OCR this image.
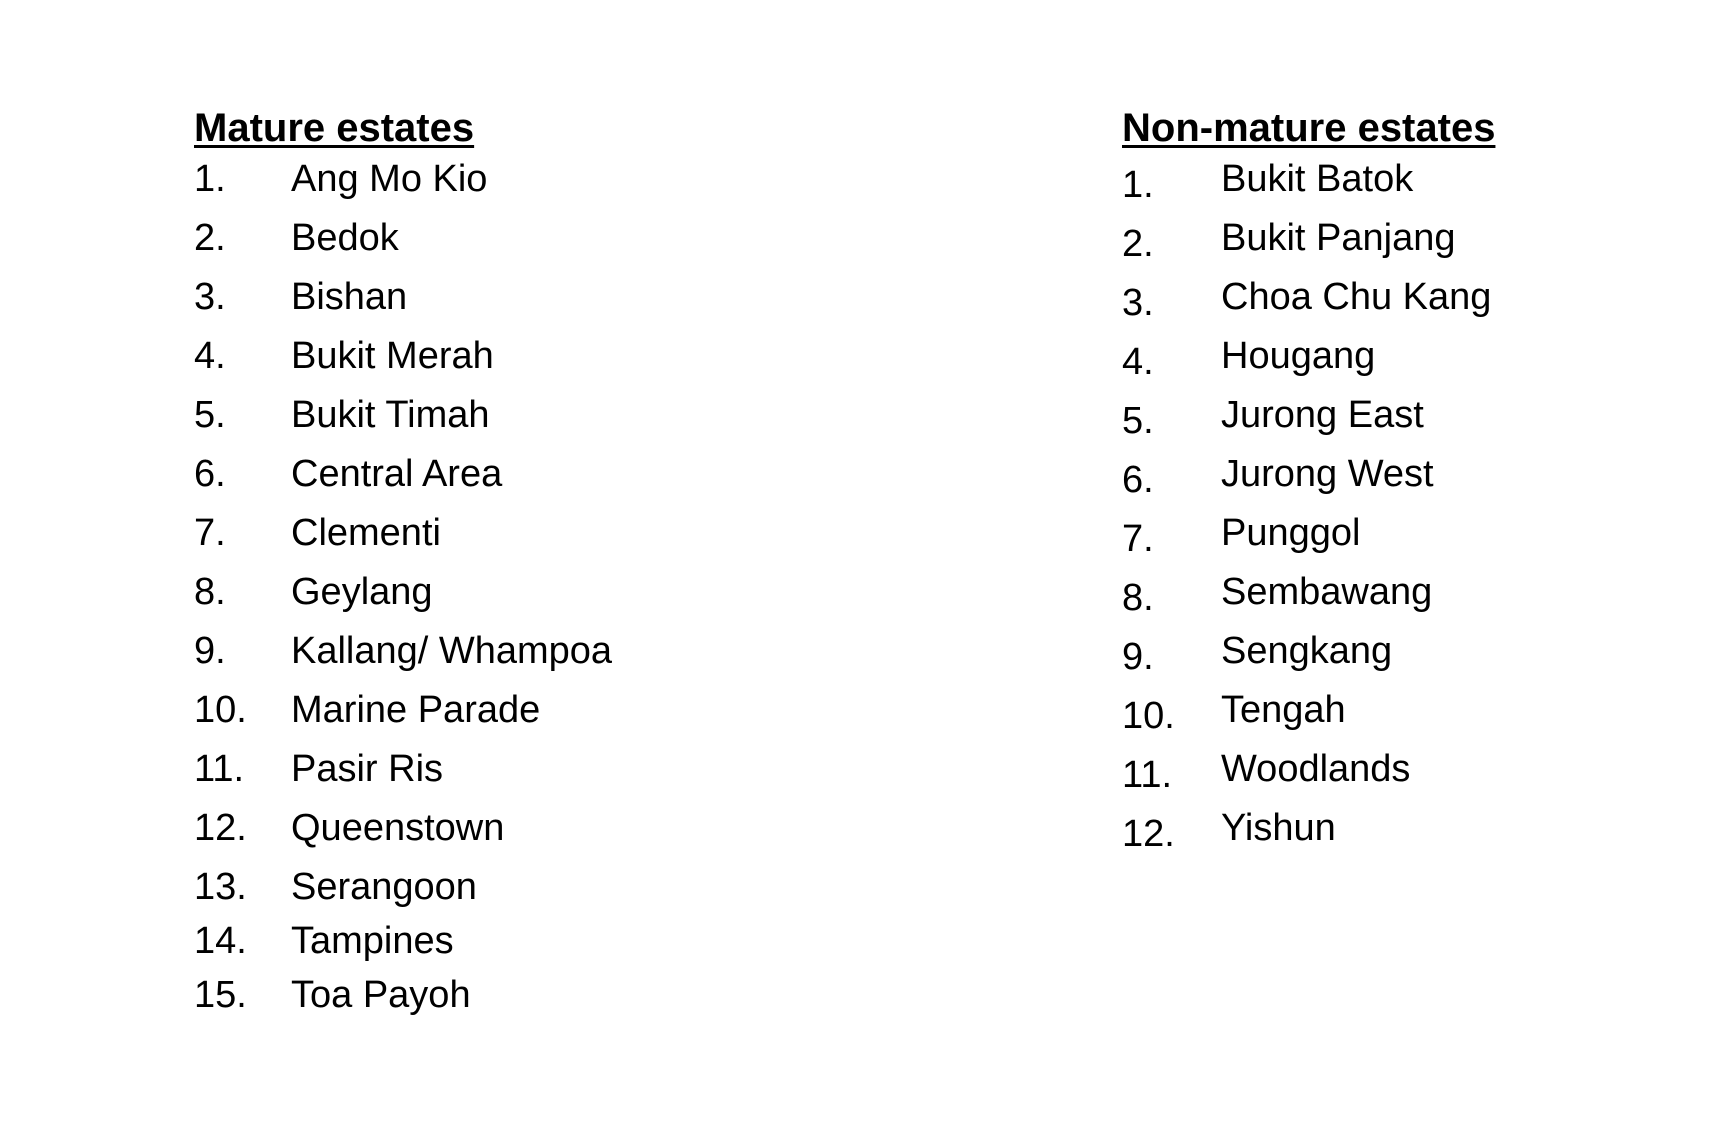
Mature estates
1.	Ang Mo Kio
2.	Bedok
3.	Bishan
4.	Bukit Merah
5.	Bukit Timah
6.	Central Area
7.	Clementi
8.	Geylang
9.	Kallang/ Whampoa
10.	Marine Parade
11.	Pasir Ris
12.	Queenstown
13.	Serangoon
14.	Tampines
15.	Toa Payoh
Non-mature estates
1.	Bukit Batok
2.	Bukit Panjang
3.	Choa Chu Kang
4.	Hougang
5.	Jurong East
6.	Jurong West
7.	Punggol
8.	Sembawang
9.	Sengkang
10.	Tengah
11.	Woodlands
12.	Yishun
